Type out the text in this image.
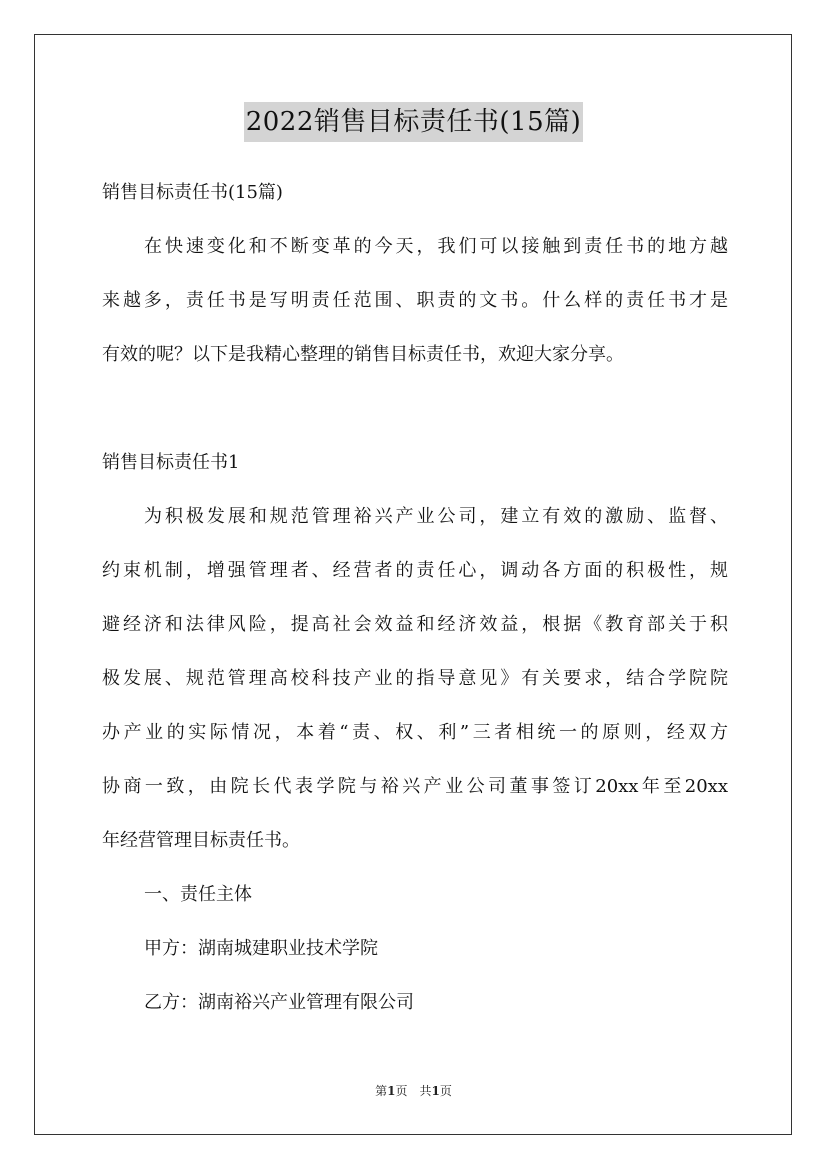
2022销售目标责任书(15篇)

销售目标责任书(15篇)

在快速变化和不断变革的今天，我们可以接触到责任书的地方越

来越多，责任书是写明责任范围、职责的文书。什么样的责任书才是

有效的呢？以下是我精心整理的销售目标责任书，欢迎大家分享。

销售目标责任书1

为积极发展和规范管理裕兴产业公司，建立有效的激励、监督、

约束机制，增强管理者、经营者的责任心，调动各方面的积极性，规

避经济和法律风险，提高社会效益和经济效益，根据《教育部关于积

极发展、规范管理高校科技产业的指导意见》有关要求，结合学院院

办产业的实际情况，本着“责、权、利”三者相统一的原则，经双方

协商一致，由院长代表学院与裕兴产业公司董事签订20xx年至20xx

年经营管理目标责任书。

一、责任主体

甲方：湖南城建职业技术学院

乙方：湖南裕兴产业管理有限公司

第1页　共1页
